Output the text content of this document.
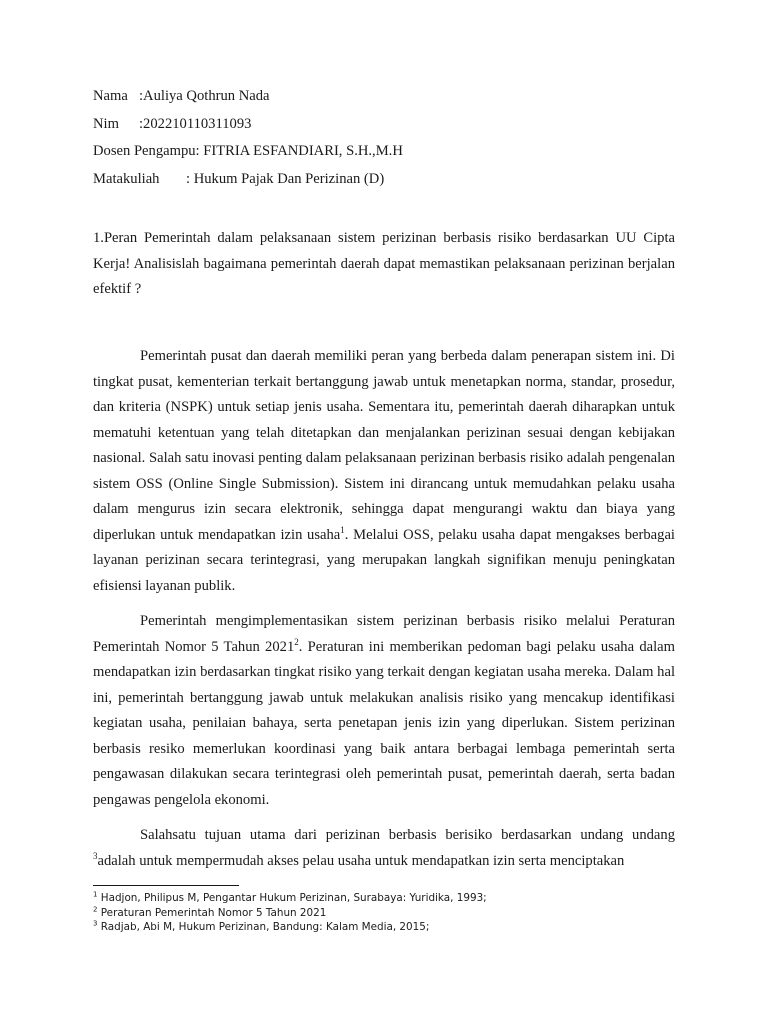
Nama :Auliya Qothrun Nada
Nim :202210110311093
Dosen Pengampu: FITRIA ESFANDIARI, S.H.,M.H
Matakuliah : Hukum Pajak Dan Perizinan (D)
1.Peran Pemerintah dalam pelaksanaan sistem perizinan berbasis risiko berdasarkan UU Cipta Kerja! Analisislah bagaimana pemerintah daerah dapat memastikan pelaksanaan perizinan berjalan efektif ?

Pemerintah pusat dan daerah memiliki peran yang berbeda dalam penerapan sistem ini. Di tingkat pusat, kementerian terkait bertanggung jawab untuk menetapkan norma, standar, prosedur, dan kriteria (NSPK) untuk setiap jenis usaha. Sementara itu, pemerintah daerah diharapkan untuk mematuhi ketentuan yang telah ditetapkan dan menjalankan perizinan sesuai dengan kebijakan nasional. Salah satu inovasi penting dalam pelaksanaan perizinan berbasis risiko adalah pengenalan sistem OSS (Online Single Submission). Sistem ini dirancang untuk memudahkan pelaku usaha dalam mengurus izin secara elektronik, sehingga dapat mengurangi waktu dan biaya yang diperlukan untuk mendapatkan izin usaha$^1$. Melalui OSS, pelaku usaha dapat mengakses berbagai layanan perizinan secara terintegrasi, yang merupakan langkah signifikan menuju peningkatan efisiensi layanan publik.

Pemerintah mengimplementasikan sistem perizinan berbasis risiko melalui Peraturan Pemerintah Nomor 5 Tahun 2021$^2$. Peraturan ini memberikan pedoman bagi pelaku usaha dalam mendapatkan izin berdasarkan tingkat risiko yang terkait dengan kegiatan usaha mereka. Dalam hal ini, pemerintah bertanggung jawab untuk melakukan analisis risiko yang mencakup identifikasi kegiatan usaha, penilaian bahaya, serta penetapan jenis izin yang diperlukan. Sistem perizinan berbasis resiko memerlukan koordinasi yang baik antara berbagai lembaga pemerintah serta pengawasan dilakukan secara terintegrasi oleh pemerintah pusat, pemerintah daerah, serta badan pengawas pengelola ekonomi.

Salahsatu tujuan utama dari perizinan berbasis berisiko berdasarkan undang undang $^3$adalah untuk mempermudah akses pelau usaha untuk mendapatkan izin serta menciptakan

$^1$ Hadjon, Philipus M, Pengantar Hukum Perizinan, Surabaya: Yuridika, 1993;
$^2$ Peraturan Pemerintah Nomor 5 Tahun 2021
$^3$ Radjab, Abi M, Hukum Perizinan, Bandung: Kalam Media, 2015;
